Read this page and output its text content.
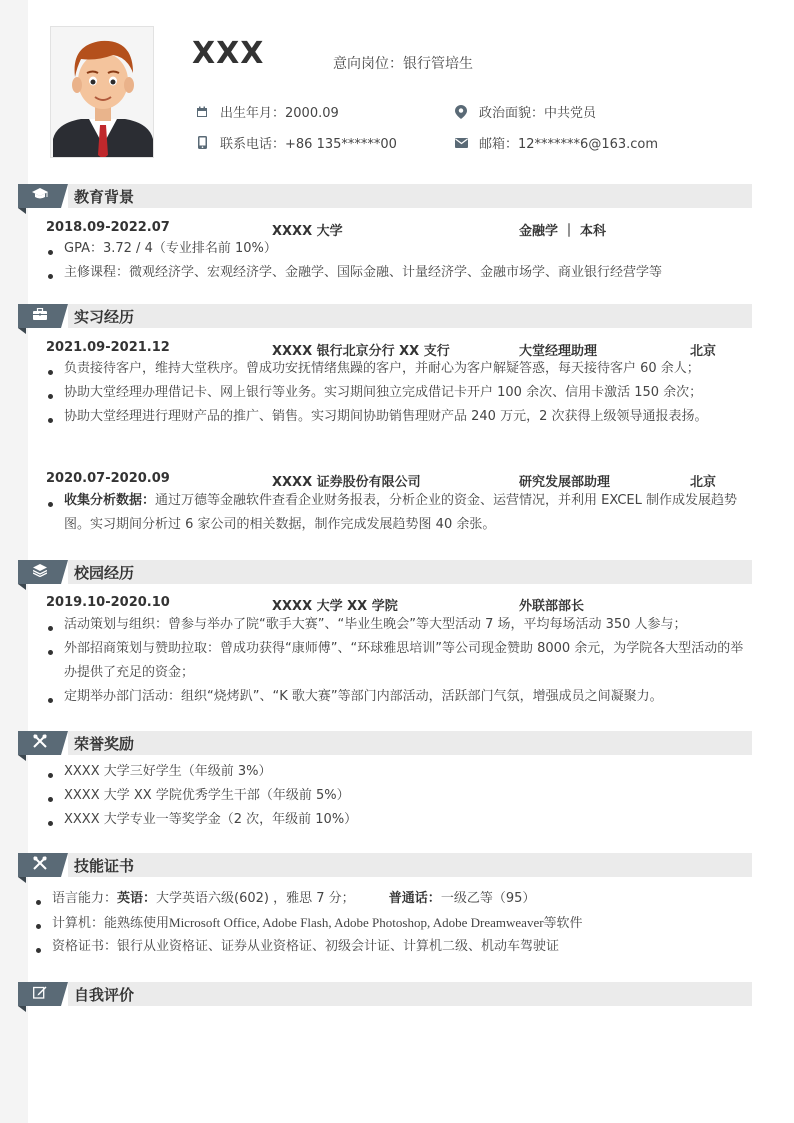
XXX	意向岗位：银行管培生
出生年月：2000.09	政治面貌：中共党员
联系电话：+86 135******00	邮箱：12*******6@163.com
教育背景
2018.09-2022.07	XXXX 大学	金融学 ｜ 本科
GPA：3.72 / 4（专业排名前 10%）
主修课程：微观经济学、宏观经济学、金融学、国际金融、计量经济学、金融市场学、商业银行经营学等
实习经历
2021.09-2021.12	XXXX 银行北京分行 XX 支行	大堂经理助理	北京
负责接待客户，维持大堂秩序。曾成功安抚情绪焦躁的客户，并耐心为客户解疑答惑，每天接待客户 60 余人；
协助大堂经理办理借记卡、网上银行等业务。实习期间独立完成借记卡开户 100 余次、信用卡激活 150 余次；
协助大堂经理进行理财产品的推广、销售。实习期间协助销售理财产品 240 万元，2 次获得上级领导通报表扬。
2020.07-2020.09	XXXX 证券股份有限公司	研究发展部助理	北京
收集分析数据：通过万德等金融软件查看企业财务报表，分析企业的资金、运营情况，并利用 EXCEL 制作成发展趋势图。实习期间分析过 6 家公司的相关数据，制作完成发展趋势图 40 余张。
校园经历
2019.10-2020.10	XXXX 大学 XX 学院	外联部部长
活动策划与组织：曾参与举办了院“歌手大赛”、“毕业生晚会”等大型活动 7 场，平均每场活动 350 人参与；
外部招商策划与赞助拉取：曾成功获得“康师傅”、“环球雅思培训”等公司现金赞助 8000 余元，为学院各大型活动的举办提供了充足的资金；
定期举办部门活动：组织“烧烤趴”、“K 歌大赛”等部门内部活动，活跃部门气氛，增强成员之间凝聚力。
荣誉奖励
XXXX 大学三好学生（年级前 3%）
XXXX 大学 XX 学院优秀学生干部（年级前 5%）
XXXX 大学专业一等奖学金（2 次，年级前 10%）
技能证书
语言能力：英语：大学英语六级(602) ，雅思 7 分；	普通话：一级乙等（95）
计算机：能熟练使用Microsoft Office, Adobe Flash, Adobe Photoshop, Adobe Dreamweaver等软件
资格证书：银行从业资格证、证券从业资格证、初级会计证、计算机二级、机动车驾驶证
自我评价
